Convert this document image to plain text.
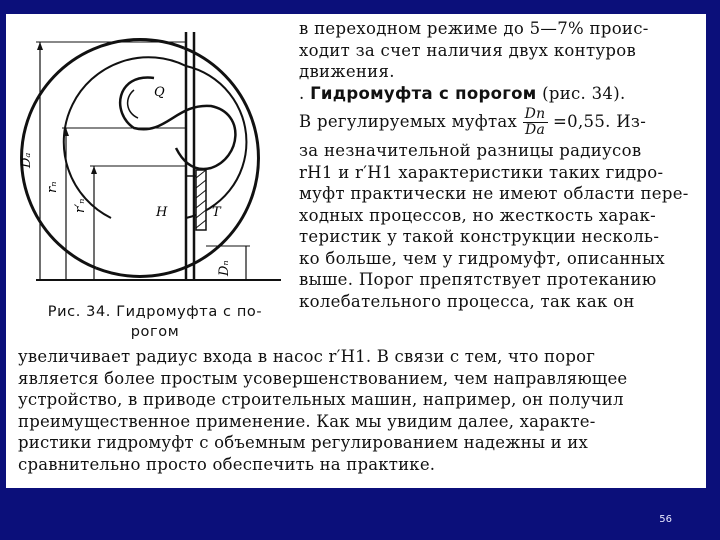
Dₐ
rₙ
r′ₙ
Q
H	T
Dₙ
Рис. 34. Гидромуфта с по-
рогом
в переходном режиме до 5—7% проис-
ходит за счет наличия двух контуров
движения.
. Гидромуфта с порогом (рис. 34).
В регулируемых муфтах $\frac{Dп}{Dа} =0,55$. Из-
за незначительной разницы радиусов
rН1 и r′Н1 характеристики таких гидро-
муфт практически не имеют области пере-
ходных процессов, но жесткость харак-
теристик у такой конструкции несколь-
ко больше, чем у гидромуфт, описанных
выше. Порог препятствует протеканию
колебательного процесса, так как он
увеличивает радиус входа в насос r′Н1. В связи с тем, что порог
является более простым усовершенствованием, чем направляющее
устройство, в приводе строительных машин, например, он получил
преимущественное применение. Как мы увидим далее, характе-
ристики гидромуфт с объемным регулированием надежны и их
сравнительно просто обеспечить на практике.
56
